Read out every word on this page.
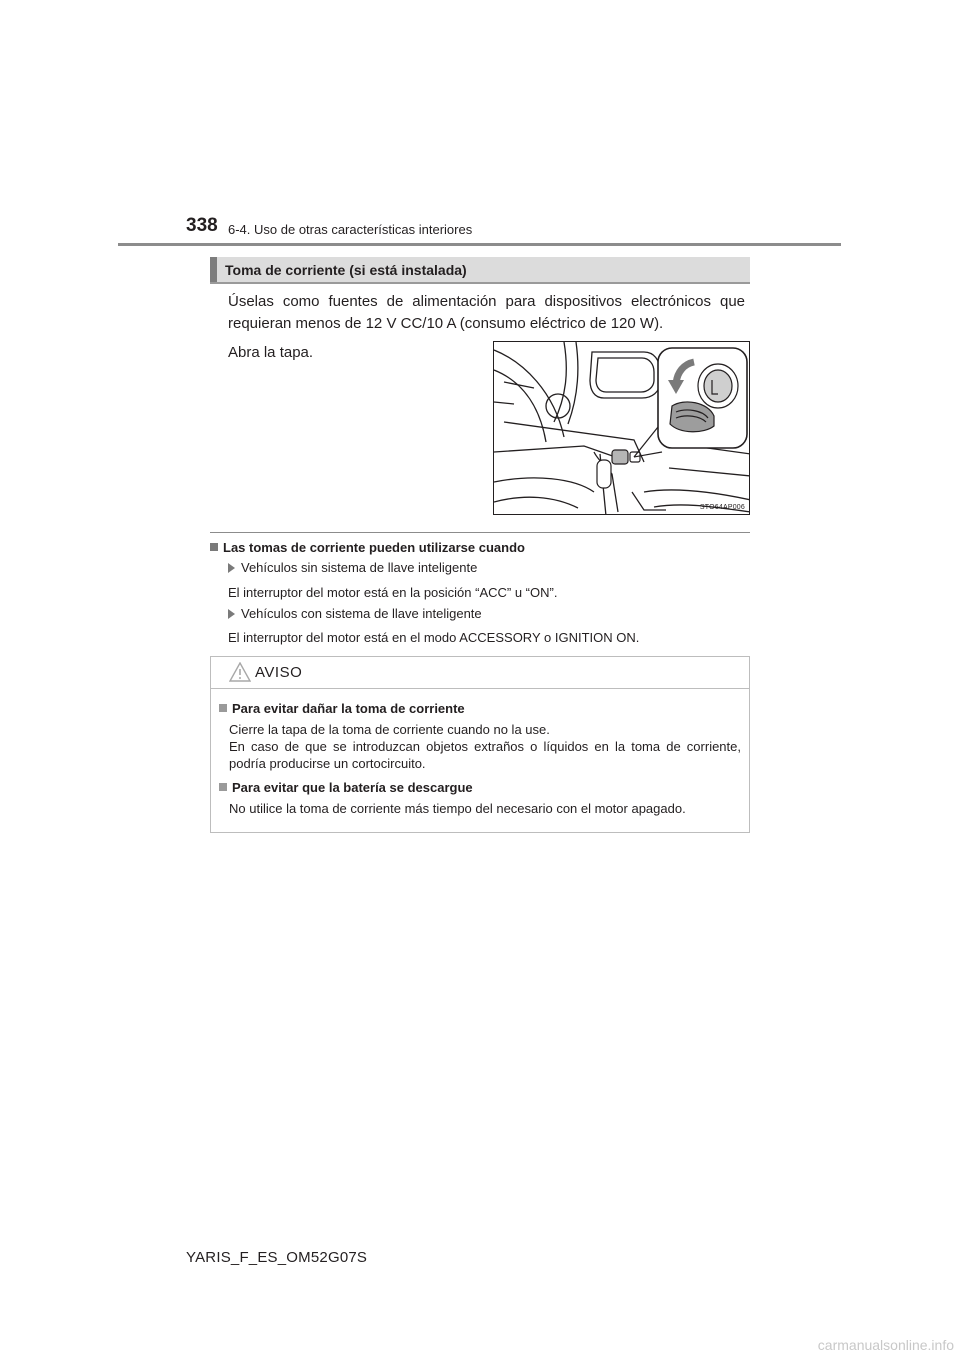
338 6-4. Uso de otras características interiores
Toma de corriente (si está instalada)
Úselas como fuentes de alimentación para dispositivos electrónicos que requieran menos de 12 V CC/10 A (consumo eléctrico de 120 W).
Abra la tapa.
STO64AP006
Las tomas de corriente pueden utilizarse cuando
Vehículos sin sistema de llave inteligente
El interruptor del motor está en la posición “ACC” u “ON”.
Vehículos con sistema de llave inteligente
El interruptor del motor está en el modo ACCESSORY o IGNITION ON.
AVISO
Para evitar dañar la toma de corriente
Cierre la tapa de la toma de corriente cuando no la use.
En caso de que se introduzcan objetos extraños o líquidos en la toma de corriente, podría producirse un cortocircuito.
Para evitar que la batería se descargue
No utilice la toma de corriente más tiempo del necesario con el motor apagado.
YARIS_F_ES_OM52G07S
carmanualsonline.info
